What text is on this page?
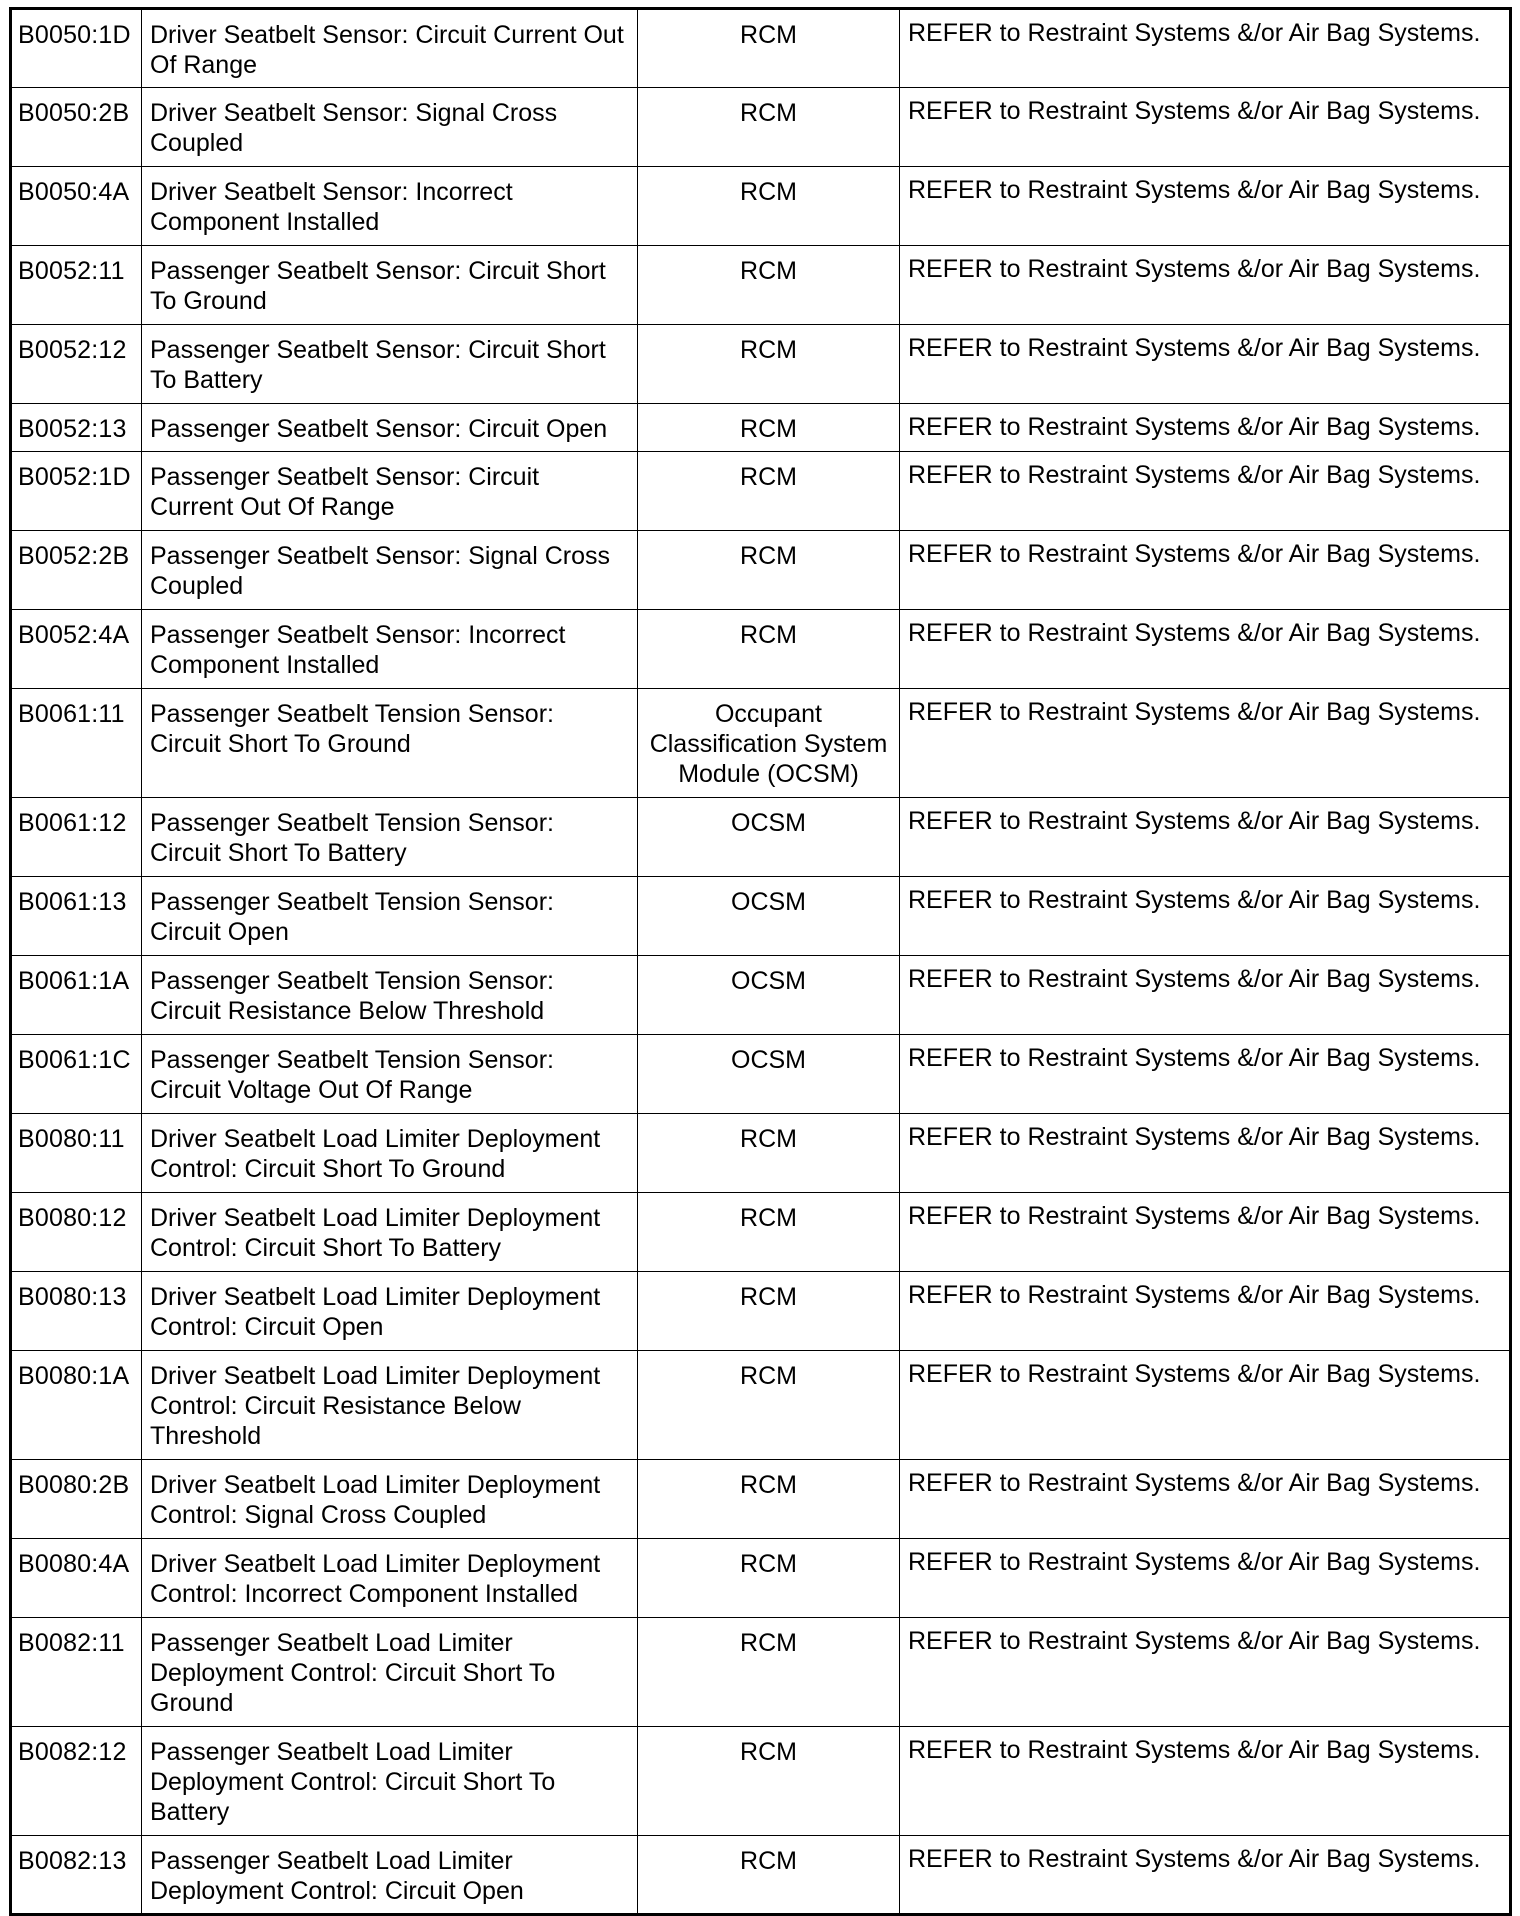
B0050:1D	Driver Seatbelt Sensor: Circuit Current Out Of Range	RCM	REFER to Restraint Systems &/or Air Bag Systems.
B0050:2B	Driver Seatbelt Sensor: Signal Cross Coupled	RCM	REFER to Restraint Systems &/or Air Bag Systems.
B0050:4A	Driver Seatbelt Sensor: Incorrect Component Installed	RCM	REFER to Restraint Systems &/or Air Bag Systems.
B0052:11	Passenger Seatbelt Sensor: Circuit Short To Ground	RCM	REFER to Restraint Systems &/or Air Bag Systems.
B0052:12	Passenger Seatbelt Sensor: Circuit Short To Battery	RCM	REFER to Restraint Systems &/or Air Bag Systems.
B0052:13	Passenger Seatbelt Sensor: Circuit Open	RCM	REFER to Restraint Systems &/or Air Bag Systems.
B0052:1D	Passenger Seatbelt Sensor: Circuit Current Out Of Range	RCM	REFER to Restraint Systems &/or Air Bag Systems.
B0052:2B	Passenger Seatbelt Sensor: Signal Cross Coupled	RCM	REFER to Restraint Systems &/or Air Bag Systems.
B0052:4A	Passenger Seatbelt Sensor: Incorrect Component Installed	RCM	REFER to Restraint Systems &/or Air Bag Systems.
B0061:11	Passenger Seatbelt Tension Sensor: Circuit Short To Ground	Occupant Classification System Module (OCSM)	REFER to Restraint Systems &/or Air Bag Systems.
B0061:12	Passenger Seatbelt Tension Sensor: Circuit Short To Battery	OCSM	REFER to Restraint Systems &/or Air Bag Systems.
B0061:13	Passenger Seatbelt Tension Sensor: Circuit Open	OCSM	REFER to Restraint Systems &/or Air Bag Systems.
B0061:1A	Passenger Seatbelt Tension Sensor: Circuit Resistance Below Threshold	OCSM	REFER to Restraint Systems &/or Air Bag Systems.
B0061:1C	Passenger Seatbelt Tension Sensor: Circuit Voltage Out Of Range	OCSM	REFER to Restraint Systems &/or Air Bag Systems.
B0080:11	Driver Seatbelt Load Limiter Deployment Control: Circuit Short To Ground	RCM	REFER to Restraint Systems &/or Air Bag Systems.
B0080:12	Driver Seatbelt Load Limiter Deployment Control: Circuit Short To Battery	RCM	REFER to Restraint Systems &/or Air Bag Systems.
B0080:13	Driver Seatbelt Load Limiter Deployment Control: Circuit Open	RCM	REFER to Restraint Systems &/or Air Bag Systems.
B0080:1A	Driver Seatbelt Load Limiter Deployment Control: Circuit Resistance Below Threshold	RCM	REFER to Restraint Systems &/or Air Bag Systems.
B0080:2B	Driver Seatbelt Load Limiter Deployment Control: Signal Cross Coupled	RCM	REFER to Restraint Systems &/or Air Bag Systems.
B0080:4A	Driver Seatbelt Load Limiter Deployment Control: Incorrect Component Installed	RCM	REFER to Restraint Systems &/or Air Bag Systems.
B0082:11	Passenger Seatbelt Load Limiter Deployment Control: Circuit Short To Ground	RCM	REFER to Restraint Systems &/or Air Bag Systems.
B0082:12	Passenger Seatbelt Load Limiter Deployment Control: Circuit Short To Battery	RCM	REFER to Restraint Systems &/or Air Bag Systems.
B0082:13	Passenger Seatbelt Load Limiter Deployment Control: Circuit Open	RCM	REFER to Restraint Systems &/or Air Bag Systems.
